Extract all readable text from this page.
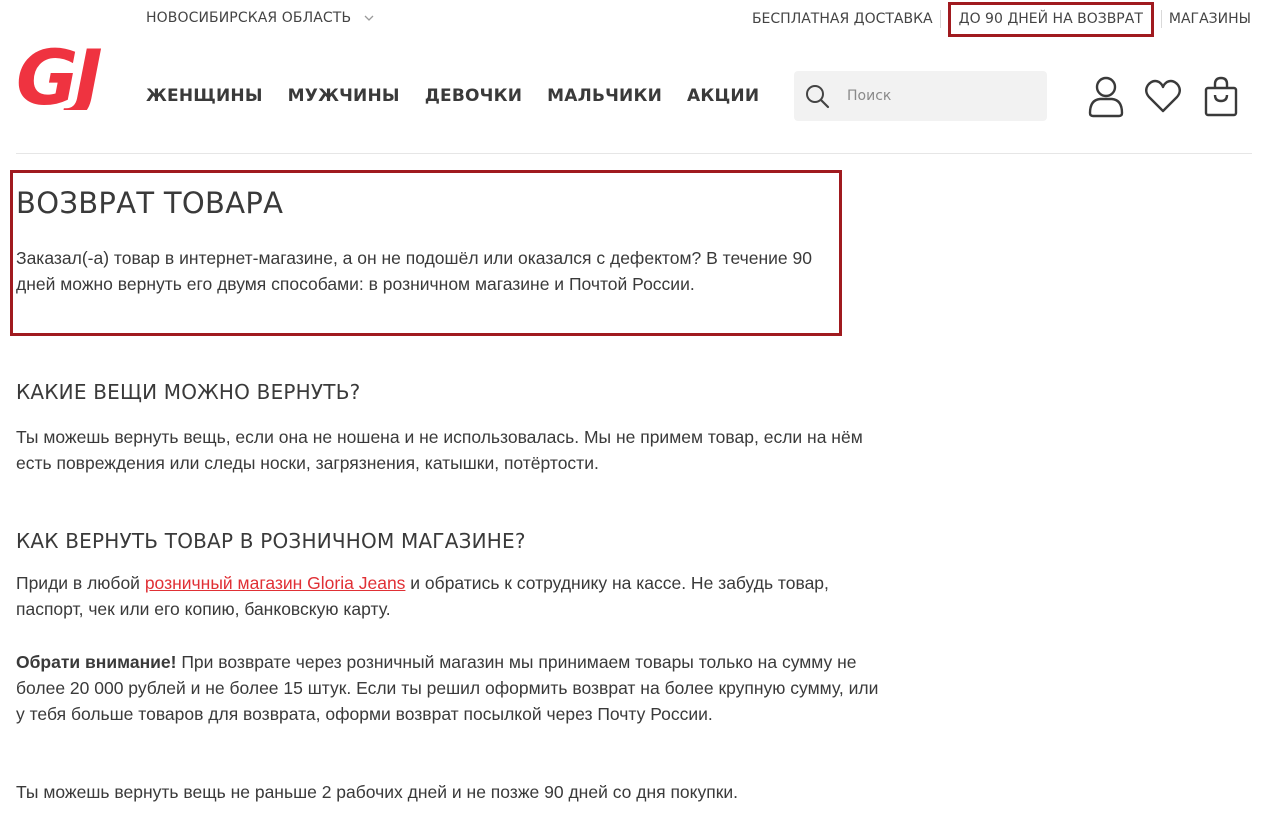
НОВОСИБИРСКАЯ ОБЛАСТЬ	БЕСПЛАТНАЯ ДОСТАВКА	ДО 90 ДНЕЙ НА ВОЗВРАТ	МАГАЗИНЫ
GJ	ЖЕНЩИНЫ МУЖЧИНЫ ДЕВОЧКИ МАЛЬЧИКИ АКЦИИ
Поиск
ВОЗВРАТ ТОВАРА

Заказал(-а) товар в интернет-магазине, а он не подошёл или оказался с дефектом? В течение 90 дней можно вернуть его двумя способами: в розничном магазине и Почтой России.

КАКИЕ ВЕЩИ МОЖНО ВЕРНУТЬ?

Ты можешь вернуть вещь, если она не ношена и не использовалась. Мы не примем товар, если на нём есть повреждения или следы носки, загрязнения, катышки, потёртости.

КАК ВЕРНУТЬ ТОВАР В РОЗНИЧНОМ МАГАЗИНЕ?

Приди в любой розничный магазин Gloria Jeans и обратись к сотруднику на кассе. Не забудь товар, паспорт, чек или его копию, банковскую карту.

Обрати внимание! При возврате через розничный магазин мы принимаем товары только на сумму не более 20 000 рублей и не более 15 штук. Если ты решил оформить возврат на более крупную сумму, или у тебя больше товаров для возврата, оформи возврат посылкой через Почту России.

Ты можешь вернуть вещь не раньше 2 рабочих дней и не позже 90 дней со дня покупки.
